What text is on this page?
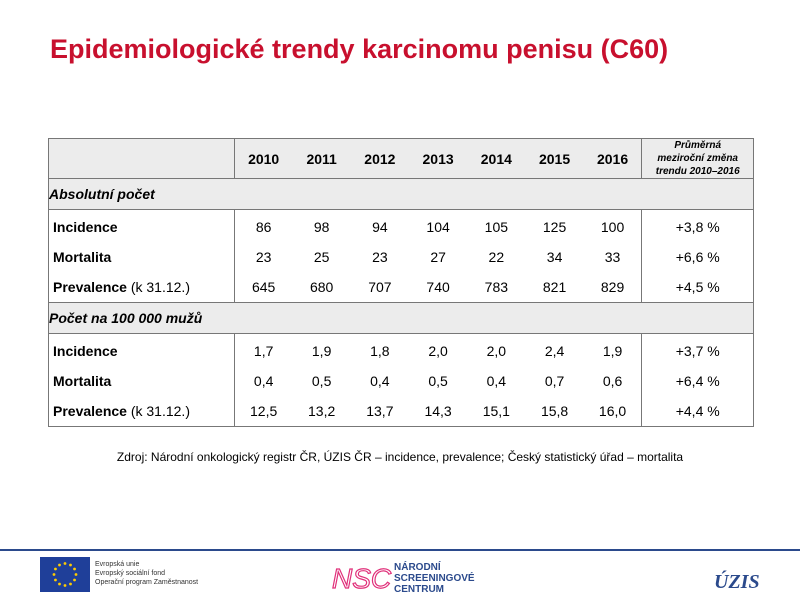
Epidemiologické trendy karcinomu penisu (C60)
	2010	2011	2012	2013	2014	2015	2016	Průměrná
meziroční změna
trendu 2010–2016

Absolutní počet								
Incidence	86	98	94	104	105	125	100	+3,8 %
Mortalita	23	25	23	27	22	34	33	+6,6 %
Prevalence (k 31.12.)	645	680	707	740	783	821	829	+4,5 %
Počet na 100 000 mužů								
Incidence	1,7	1,9	1,8	2,0	2,0	2,4	1,9	+3,7 %
Mortalita	0,4	0,5	0,4	0,5	0,4	0,7	0,6	+6,4 %
Prevalence (k 31.12.)	12,5	13,2	13,7	14,3	15,1	15,8	16,0	+4,4 %
Zdroj: Národní onkologický registr ČR, ÚZIS ČR – incidence, prevalence; Český statistický úřad – mortalita
Evropská unie
Evropský sociální fond
Operační program Zaměstnanost	NSC NÁRODNÍ
SCREENINGOVÉ
CENTRUM	ÚZIS
